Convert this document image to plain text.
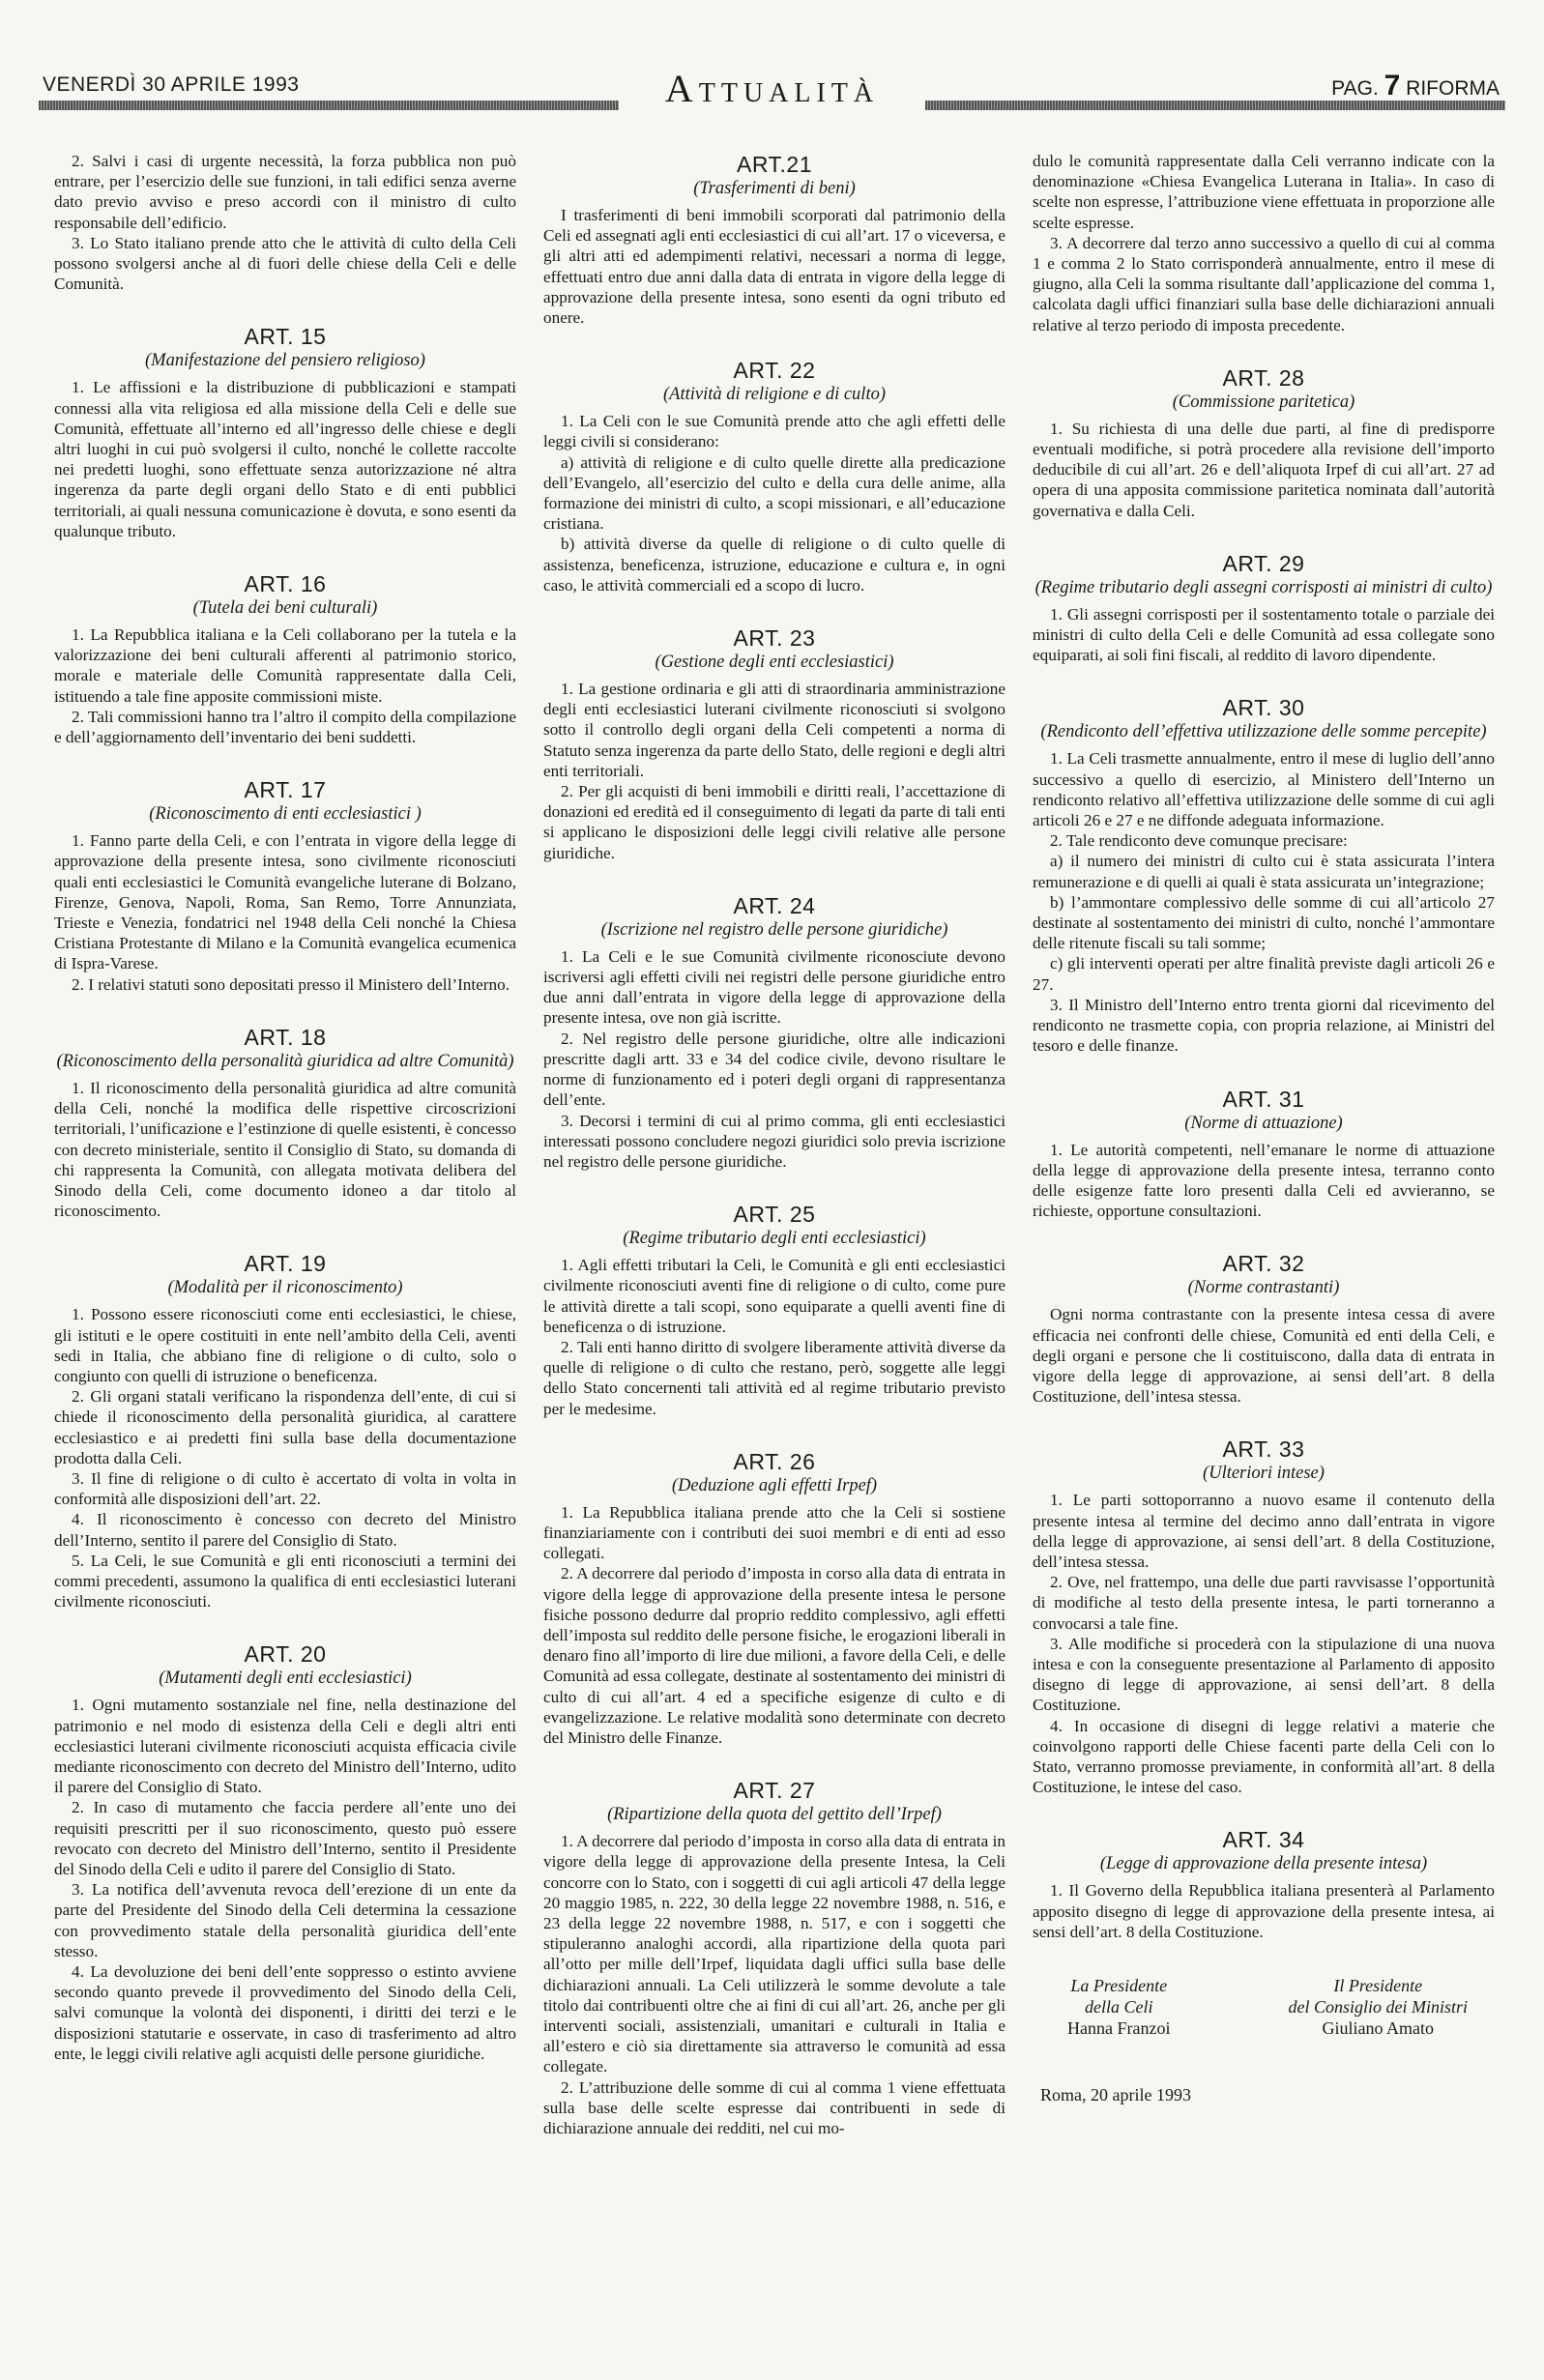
VENERDÌ 30 APRILE 1993	Attualità	PAG. 7 RIFORMA

2. Salvi i casi di urgente necessità, la forza pubblica non può entrare, per l’esercizio delle sue funzioni, in tali edifici senza averne dato previo avviso e preso accordi con il ministro di culto responsabile dell’edificio.

3. Lo Stato italiano prende atto che le attività di culto della Celi possono svolgersi anche al di fuori delle chiese della Celi e delle Comunità.

ART. 15
(Manifestazione del pensiero religioso)

1. Le affissioni e la distribuzione di pubblicazioni e stampati connessi alla vita religiosa ed alla missione della Celi e delle sue Comunità, effettuate all’interno ed all’ingresso delle chiese e degli altri luoghi in cui può svolgersi il culto, nonché le collette raccolte nei predetti luoghi, sono effettuate senza autorizzazione né altra ingerenza da parte degli organi dello Stato e di enti pubblici territoriali, ai quali nessuna comunicazione è dovuta, e sono esenti da qualunque tributo.

ART. 16
(Tutela dei beni culturali)

1. La Repubblica italiana e la Celi collaborano per la tutela e la valorizzazione dei beni culturali afferenti al patrimonio storico, morale e materiale delle Comunità rappresentate dalla Celi, istituendo a tale fine apposite commissioni miste.

2. Tali commissioni hanno tra l’altro il compito della compilazione e dell’aggiornamento dell’inventario dei beni suddetti.

ART. 17
(Riconoscimento di enti ecclesiastici )

1. Fanno parte della Celi, e con l’entrata in vigore della legge di approvazione della presente intesa, sono civilmente riconosciuti quali enti ecclesiastici le Comunità evangeliche luterane di Bolzano, Firenze, Genova, Napoli, Roma, San Remo, Torre Annunziata, Trieste e Venezia, fondatrici nel 1948 della Celi nonché la Chiesa Cristiana Protestante di Milano e la Comunità evangelica ecumenica di Ispra-Varese.

2. I relativi statuti sono depositati presso il Ministero dell’Interno.

ART. 18
(Riconoscimento della personalità giuridica ad altre Comunità)

1. Il riconoscimento della personalità giuridica ad altre comunità della Celi, nonché la modifica delle rispettive circoscrizioni territoriali, l’unificazione e l’estinzione di quelle esistenti, è concesso con decreto ministeriale, sentito il Consiglio di Stato, su domanda di chi rappresenta la Comunità, con allegata motivata delibera del Sinodo della Celi, come documento idoneo a dar titolo al riconoscimento.

ART. 19
(Modalità per il riconoscimento)

1. Possono essere riconosciuti come enti ecclesiastici, le chiese, gli istituti e le opere costituiti in ente nell’ambito della Celi, aventi sedi in Italia, che abbiano fine di religione o di culto, solo o congiunto con quelli di istruzione o beneficenza.

2. Gli organi statali verificano la rispondenza dell’ente, di cui si chiede il riconoscimento della personalità giuridica, al carattere ecclesiastico e ai predetti fini sulla base della documentazione prodotta dalla Celi.

3. Il fine di religione o di culto è accertato di volta in volta in conformità alle disposizioni dell’art. 22.

4. Il riconoscimento è concesso con decreto del Ministro dell’Interno, sentito il parere del Consiglio di Stato.

5. La Celi, le sue Comunità e gli enti riconosciuti a termini dei commi precedenti, assumono la qualifica di enti ecclesiastici luterani civilmente riconosciuti.

ART. 20
(Mutamenti degli enti ecclesiastici)

1. Ogni mutamento sostanziale nel fine, nella destinazione del patrimonio e nel modo di esistenza della Celi e degli altri enti ecclesiastici luterani civilmente riconosciuti acquista efficacia civile mediante riconoscimento con decreto del Ministro dell’Interno, udito il parere del Consiglio di Stato.

2. In caso di mutamento che faccia perdere all’ente uno dei requisiti prescritti per il suo riconoscimento, questo può essere revocato con decreto del Ministro dell’Interno, sentito il Presidente del Sinodo della Celi e udito il parere del Consiglio di Stato.

3. La notifica dell’avvenuta revoca dell’erezione di un ente da parte del Presidente del Sinodo della Celi determina la cessazione con provvedimento statale della personalità giuridica dell’ente stesso.

4. La devoluzione dei beni dell’ente soppresso o estinto avviene secondo quanto prevede il provvedimento del Sinodo della Celi, salvi comunque la volontà dei disponenti, i diritti dei terzi e le disposizioni statutarie e osservate, in caso di trasferimento ad altro ente, le leggi civili relative agli acquisti delle persone giuridiche.

ART.21
(Trasferimenti di beni)

I trasferimenti di beni immobili scorporati dal patrimonio della Celi ed assegnati agli enti ecclesiastici di cui all’art. 17 o viceversa, e gli altri atti ed adempimenti relativi, necessari a norma di legge, effettuati entro due anni dalla data di entrata in vigore della legge di approvazione della presente intesa, sono esenti da ogni tributo ed onere.

ART. 22
(Attività di religione e di culto)

1. La Celi con le sue Comunità prende atto che agli effetti delle leggi civili si considerano:

a) attività di religione e di culto quelle dirette alla predicazione dell’Evangelo, all’esercizio del culto e della cura delle anime, alla formazione dei ministri di culto, a scopi missionari, e all’educazione cristiana.

b) attività diverse da quelle di religione o di culto quelle di assistenza, beneficenza, istruzione, educazione e cultura e, in ogni caso, le attività commerciali ed a scopo di lucro.

ART. 23
(Gestione degli enti ecclesiastici)

1. La gestione ordinaria e gli atti di straordinaria amministrazione degli enti ecclesiastici luterani civilmente riconosciuti si svolgono sotto il controllo degli organi della Celi competenti a norma di Statuto senza ingerenza da parte dello Stato, delle regioni e degli altri enti territoriali.

2. Per gli acquisti di beni immobili e diritti reali, l’accettazione di donazioni ed eredità ed il conseguimento di legati da parte di tali enti si applicano le disposizioni delle leggi civili relative alle persone giuridiche.

ART. 24
(Iscrizione nel registro delle persone giuridiche)

1. La Celi e le sue Comunità civilmente riconosciute devono iscriversi agli effetti civili nei registri delle persone giuridiche entro due anni dall’entrata in vigore della legge di approvazione della presente intesa, ove non già iscritte.

2. Nel registro delle persone giuridiche, oltre alle indicazioni prescritte dagli artt. 33 e 34 del codice civile, devono risultare le norme di funzionamento ed i poteri degli organi di rappresentanza dell’ente.

3. Decorsi i termini di cui al primo comma, gli enti ecclesiastici interessati possono concludere negozi giuridici solo previa iscrizione nel registro delle persone giuridiche.

ART. 25
(Regime tributario degli enti ecclesiastici)

1. Agli effetti tributari la Celi, le Comunità e gli enti ecclesiastici civilmente riconosciuti aventi fine di religione o di culto, come pure le attività dirette a tali scopi, sono equiparate a quelli aventi fine di beneficenza o di istruzione.

2. Tali enti hanno diritto di svolgere liberamente attività diverse da quelle di religione o di culto che restano, però, soggette alle leggi dello Stato concernenti tali attività ed al regime tributario previsto per le medesime.

ART. 26
(Deduzione agli effetti Irpef)

1. La Repubblica italiana prende atto che la Celi si sostiene finanziariamente con i contributi dei suoi membri e di enti ad esso collegati.

2. A decorrere dal periodo d’imposta in corso alla data di entrata in vigore della legge di approvazione della presente intesa le persone fisiche possono dedurre dal proprio reddito complessivo, agli effetti dell’imposta sul reddito delle persone fisiche, le erogazioni liberali in denaro fino all’importo di lire due milioni, a favore della Celi, e delle Comunità ad essa collegate, destinate al sostentamento dei ministri di culto di cui all’art. 4 ed a specifiche esigenze di culto e di evangelizzazione. Le relative modalità sono determinate con decreto del Ministro delle Finanze.

ART. 27
(Ripartizione della quota del gettito dell’Irpef)

1. A decorrere dal periodo d’imposta in corso alla data di entrata in vigore della legge di approvazione della presente Intesa, la Celi concorre con lo Stato, con i soggetti di cui agli articoli 47 della legge 20 maggio 1985, n. 222, 30 della legge 22 novembre 1988, n. 516, e 23 della legge 22 novembre 1988, n. 517, e con i soggetti che stipuleranno analoghi accordi, alla ripartizione della quota pari all’otto per mille dell’Irpef, liquidata dagli uffici sulla base delle dichiarazioni annuali. La Celi utilizzerà le somme devolute a tale titolo dai contribuenti oltre che ai fini di cui all’art. 26, anche per gli interventi sociali, assistenziali, umanitari e culturali in Italia e all’estero e ciò sia direttamente sia attraverso le comunità ad essa collegate.

2. L’attribuzione delle somme di cui al comma 1 viene effettuata sulla base delle scelte espresse dai contribuenti in sede di dichiarazione annuale dei redditi, nel cui mo-

dulo le comunità rappresentate dalla Celi verranno indicate con la denominazione «Chiesa Evangelica Luterana in Italia». In caso di scelte non espresse, l’attribuzione viene effettuata in proporzione alle scelte espresse.

3. A decorrere dal terzo anno successivo a quello di cui al comma 1 e comma 2 lo Stato corrisponderà annualmente, entro il mese di giugno, alla Celi la somma risultante dall’applicazione del comma 1, calcolata dagli uffici finanziari sulla base delle dichiarazioni annuali relative al terzo periodo di imposta precedente.

ART. 28
(Commissione paritetica)

1. Su richiesta di una delle due parti, al fine di predisporre eventuali modifiche, si potrà procedere alla revisione dell’importo deducibile di cui all’art. 26 e dell’aliquota Irpef di cui all’art. 27 ad opera di una apposita commissione paritetica nominata dall’autorità governativa e dalla Celi.

ART. 29
(Regime tributario degli assegni corrisposti ai ministri di culto)

1. Gli assegni corrisposti per il sostentamento totale o parziale dei ministri di culto della Celi e delle Comunità ad essa collegate sono equiparati, ai soli fini fiscali, al reddito di lavoro dipendente.

ART. 30
(Rendiconto dell’effettiva utilizzazione delle somme percepite)

1. La Celi trasmette annualmente, entro il mese di luglio dell’anno successivo a quello di esercizio, al Ministero dell’Interno un rendiconto relativo all’effettiva utilizzazione delle somme di cui agli articoli 26 e 27 e ne diffonde adeguata informazione.

2. Tale rendiconto deve comunque precisare:

a) il numero dei ministri di culto cui è stata assicurata l’intera remunerazione e di quelli ai quali è stata assicurata un’integrazione;

b) l’ammontare complessivo delle somme di cui all’articolo 27 destinate al sostentamento dei ministri di culto, nonché l’ammontare delle ritenute fiscali su tali somme;

c) gli interventi operati per altre finalità previste dagli articoli 26 e 27.

3. Il Ministro dell’Interno entro trenta giorni dal ricevimento del rendiconto ne trasmette copia, con propria relazione, ai Ministri del tesoro e delle finanze.

ART. 31
(Norme di attuazione)

1. Le autorità competenti, nell’emanare le norme di attuazione della legge di approvazione della presente intesa, terranno conto delle esigenze fatte loro presenti dalla Celi ed avvieranno, se richieste, opportune consultazioni.

ART. 32
(Norme contrastanti)

Ogni norma contrastante con la presente intesa cessa di avere efficacia nei confronti delle chiese, Comunità ed enti della Celi, e degli organi e persone che li costituiscono, dalla data di entrata in vigore della legge di approvazione, ai sensi dell’art. 8 della Costituzione, dell’intesa stessa.

ART. 33
(Ulteriori intese)

1. Le parti sottoporranno a nuovo esame il contenuto della presente intesa al termine del decimo anno dall’entrata in vigore della legge di approvazione, ai sensi dell’art. 8 della Costituzione, dell’intesa stessa.

2. Ove, nel frattempo, una delle due parti ravvisasse l’opportunità di modifiche al testo della presente intesa, le parti torneranno a convocarsi a tale fine.

3. Alle modifiche si procederà con la stipulazione di una nuova intesa e con la conseguente presentazione al Parlamento di apposito disegno di legge di approvazione, ai sensi dell’art. 8 della Costituzione.

4. In occasione di disegni di legge relativi a materie che coinvolgono rapporti delle Chiese facenti parte della Celi con lo Stato, verranno promosse previamente, in conformità all’art. 8 della Costituzione, le intese del caso.

ART. 34
(Legge di approvazione della presente intesa)

1. Il Governo della Repubblica italiana presenterà al Parlamento apposito disegno di legge di approvazione della presente intesa, ai sensi dell’art. 8 della Costituzione.

La Presidente
della Celi
Hanna Franzoi
Il Presidente
del Consiglio dei Ministri
Giuliano Amato
Roma, 20 aprile 1993
